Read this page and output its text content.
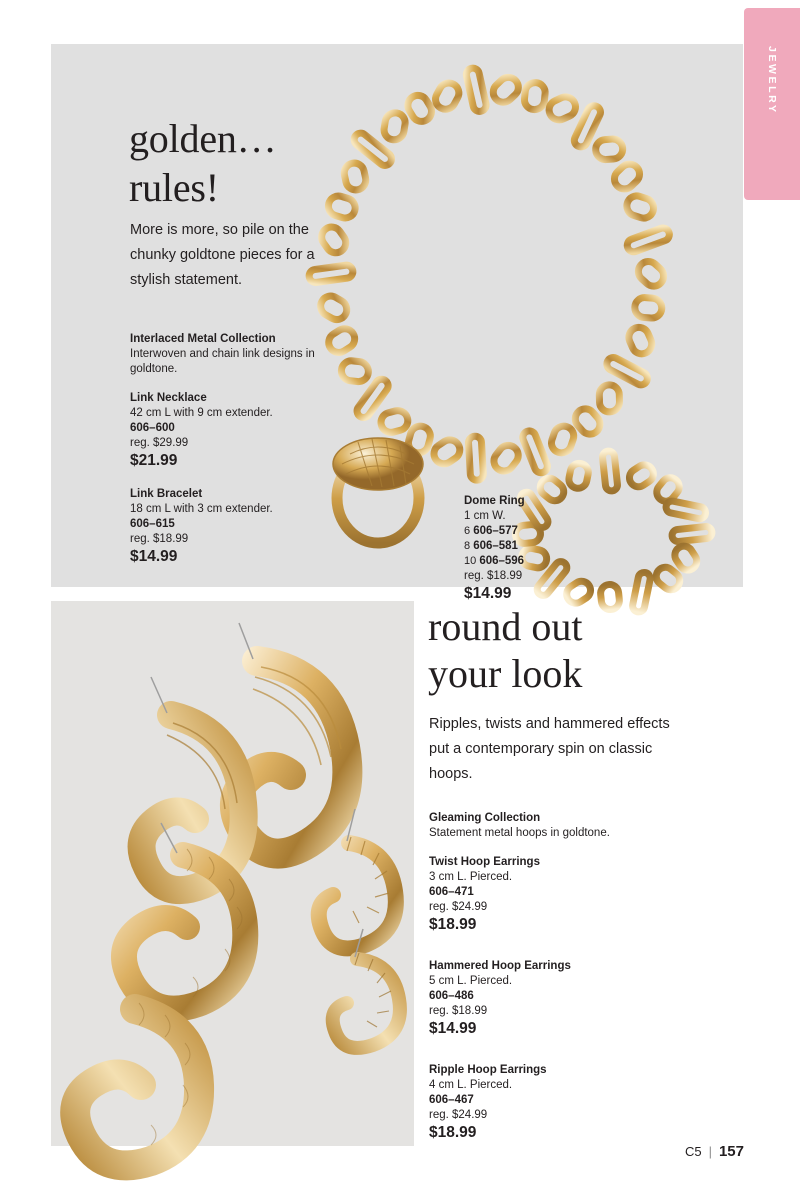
JEWELRY
golden…
rules!
More is more, so pile on the chunky goldtone pieces for a stylish statement.
Interlaced Metal Collection
Interwoven and chain link designs in goldtone.
Link Necklace
42 cm L with 9 cm extender.
606–600
reg. $29.99
$21.99
Link Bracelet
18 cm L with 3 cm extender.
606–615
reg. $18.99
$14.99
Dome Ring
1 cm W.
6 606–577
8 606–581
10 606–596
reg. $18.99
$14.99
round out
your look
Ripples, twists and hammered effects put a contemporary spin on classic hoops.
Gleaming Collection
Statement metal hoops in goldtone.
Twist Hoop Earrings
3 cm L. Pierced.
606–471
reg. $24.99
$18.99
Hammered Hoop Earrings
5 cm L. Pierced.
606–486
reg. $18.99
$14.99
Ripple Hoop Earrings
4 cm L. Pierced.
606–467
reg. $24.99
$18.99
C5 | 157
